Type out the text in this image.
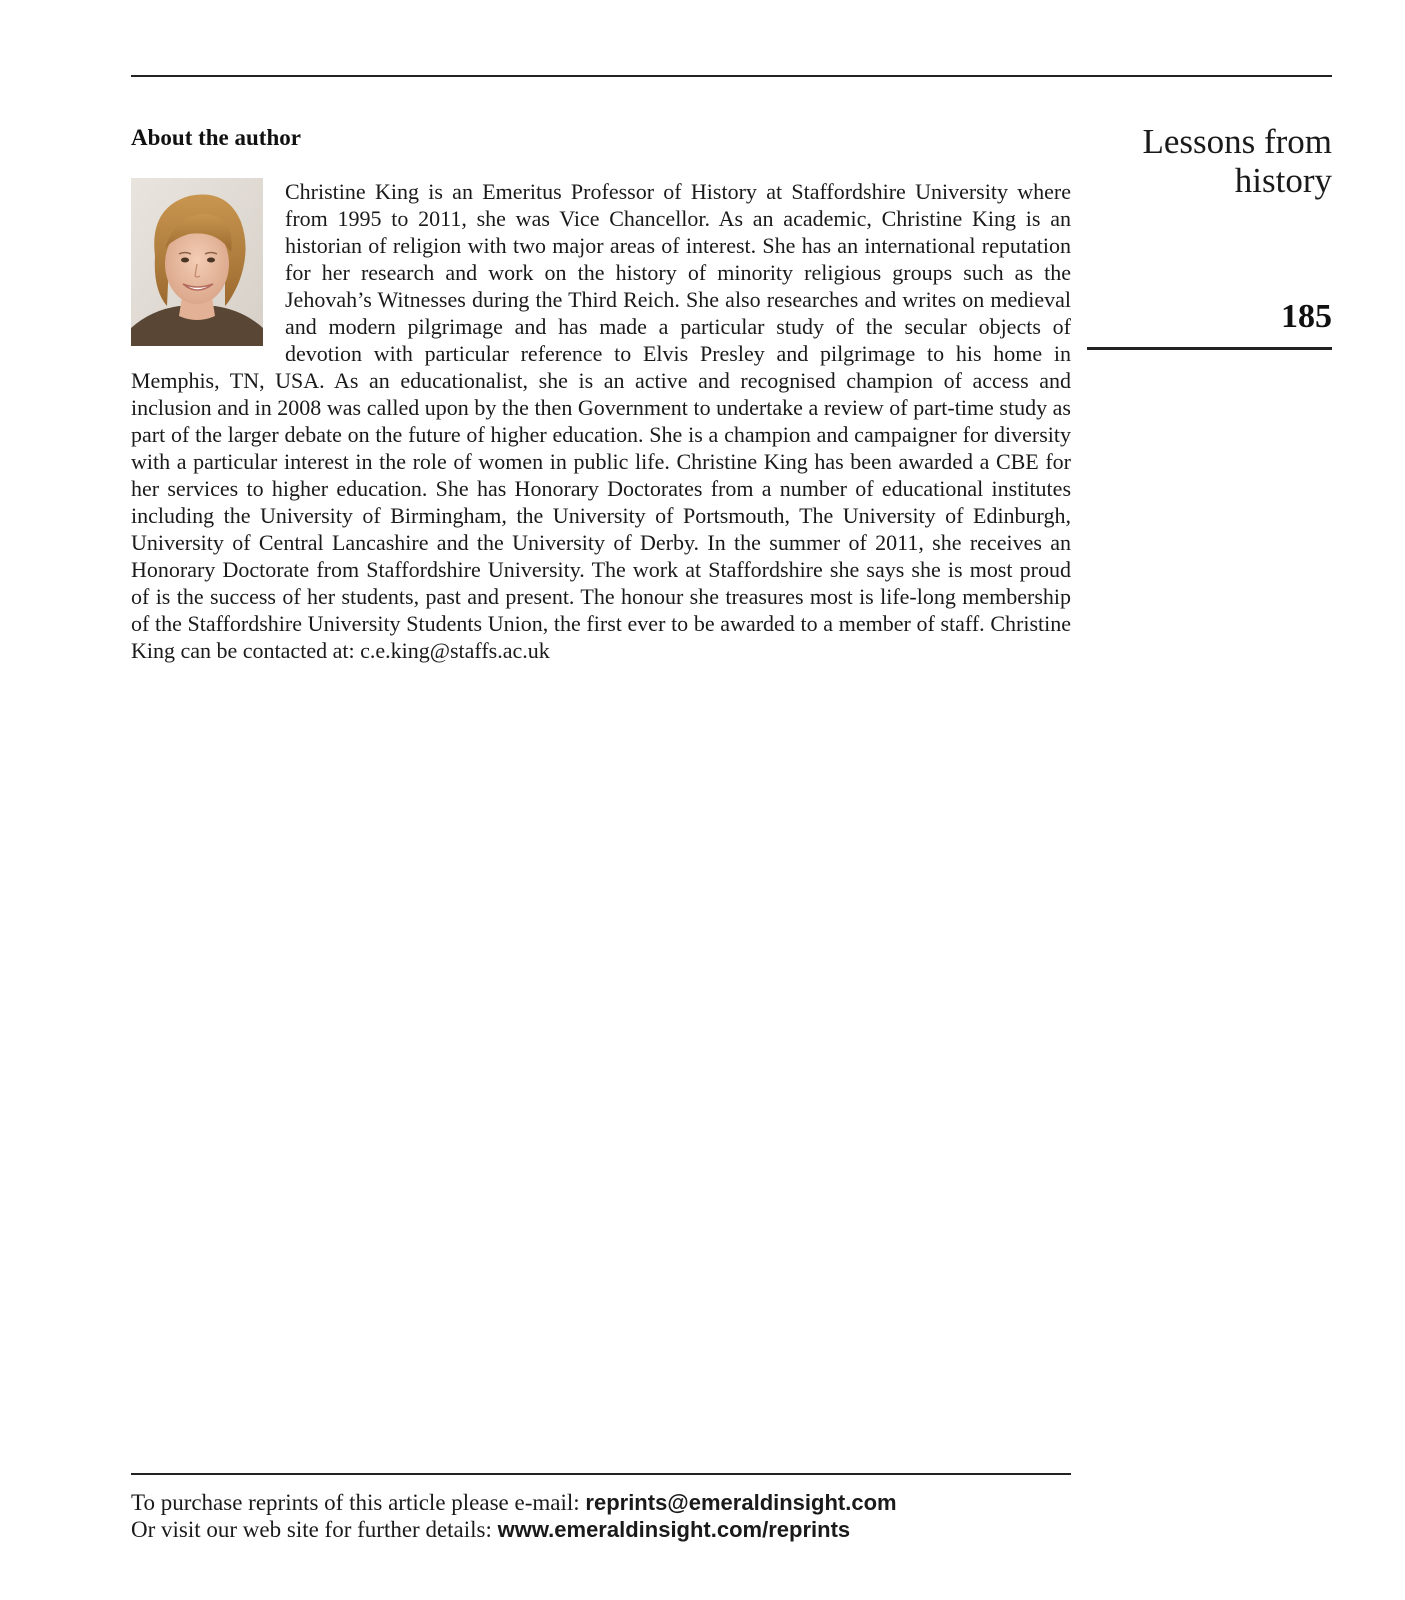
About the author	Lessons from history
185
Christine King is an Emeritus Professor of History at Staffordshire University where from 1995 to 2011, she was Vice Chancellor. As an academic, Christine King is an historian of religion with two major areas of interest. She has an international reputation for her research and work on the history of minority religious groups such as the Jehovah’s Witnesses during the Third Reich. She also researches and writes on medieval and modern pilgrimage and has made a particular study of the secular objects of devotion with particular reference to Elvis Presley and pilgrimage to his home in Memphis, TN, USA. As an educationalist, she is an active and recognised champion of access and inclusion and in 2008 was called upon by the then Government to undertake a review of part-time study as part of the larger debate on the future of higher education. She is a champion and campaigner for diversity with a particular interest in the role of women in public life. Christine King has been awarded a CBE for her services to higher education. She has Honorary Doctorates from a number of educational institutes including the University of Birmingham, the University of Portsmouth, The University of Edinburgh, University of Central Lancashire and the University of Derby. In the summer of 2011, she receives an Honorary Doctorate from Staffordshire University. The work at Staffordshire she says she is most proud of is the success of her students, past and present. The honour she treasures most is life-long membership of the Staffordshire University Students Union, the first ever to be awarded to a member of staff. Christine King can be contacted at: c.e.king@staffs.ac.uk
To purchase reprints of this article please e-mail: reprints@emeraldinsight.com
Or visit our web site for further details: www.emeraldinsight.com/reprints
